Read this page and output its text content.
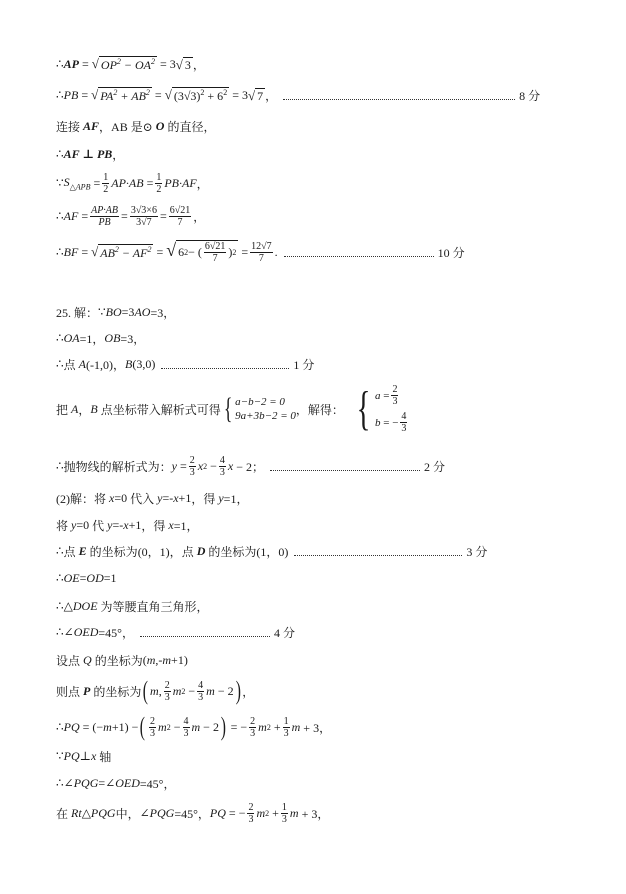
∴ AP = √ $OP^2 - OA^2 = 3$ √ 3 ，
∴ PB = √ $PA^2 + AB^2$ = √ $(3√3)^2 + 6^2 = 3$ √ 7 ，	8 分
连接
AF ，AB 是⊙
O
的直径，
∴ AF ⊥ PB ，
∵ $S_{\triangle APB} = \frac{1}{2} AP\cdot AB = \frac{1}{2} PB\cdot AF$ ，
∴ AF = $\frac{AP\cdot AB}{PB} = \frac{3√3\times 6}{3√7} = \frac{6√21}{7}$ ，
∴ BF = √ $AB^2 - AF^2$ = √ 6 2 − ( $\frac{6√21}{7}$ ) $2 = \frac{12√7}{7}$ .	10 分
25. 解： ∵ BO =3 AO =3，
∴ OA =1， OB =3，
∴ 点
A (-1,0)， B (3,0)	1 分
把
A ， B
点坐标带入解析式可得 { a−b−2 = 0
9a+3b−2 = 0 ，解得： { $a = \frac{2}{3}$
b = − $\frac{4}{3}$
∴ 抛物线的解析式为： $y = \frac{2}{3}$ x $2 - \frac{4}{3}$ x − 2；	2 分
(2)解：将
x =0 代入
y =- x +1 ，得
y =1，
将
y =0 代
y =- x +1 ，得
x =1，
∴ 点
E
的坐标为 (0，1)， 点
D
的坐标为 (1，0)	3 分
∴ OE = OD =1
∴ △ DOE
为等腰直角三角形，
∴ ∠ OED =45°，	4 分
设点
Q
的坐标为 ( m ,- m +1)
则点
P
的坐标为 ( m , $\frac{2}{3}$ m $2 - \frac{4}{3}$ m − 2 ) ，
∴ PQ = (− m +1) − ( $\frac{2}{3}$ m $2 - \frac{4}{3}$ m − 2 ) = − $\frac{2}{3}$ m $2 + \frac{1}{3}$ m + 3，
∵ PQ ⊥ x
轴
∴ ∠ PQG =∠ OED =45°，
在
Rt △ PQG 中， ∠ PQG =45°， PQ = − $\frac{2}{3}$ m $2 + \frac{1}{3}$ m + 3，
